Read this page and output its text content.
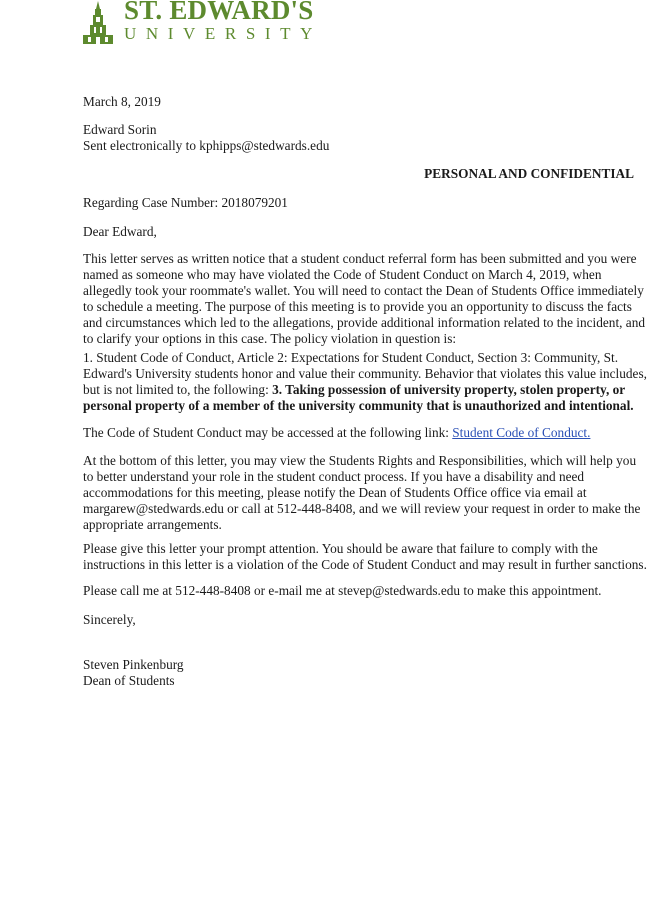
ST. EDWARD'S
UNIVERSITY
March 8, 2019
Edward Sorin
Sent electronically to kphipps@stedwards.edu
PERSONAL AND CONFIDENTIAL
Regarding Case Number: 2018079201
Dear Edward,
This letter serves as written notice that a student conduct referral form has been submitted and you were
named as someone who may have violated the Code of Student Conduct on March 4, 2019, when
allegedly took your roommate's wallet. You will need to contact the Dean of Students Office immediately
to schedule a meeting. The purpose of this meeting is to provide you an opportunity to discuss the facts
and circumstances which led to the allegations, provide additional information related to the incident, and
to clarify your options in this case. The policy violation in question is:
1. Student Code of Conduct, Article 2: Expectations for Student Conduct, Section 3: Community, St.
Edward's University students honor and value their community. Behavior that violates this value includes,
but is not limited to, the following: 3. Taking possession of university property, stolen property, or
personal property of a member of the university community that is unauthorized and intentional.
The Code of Student Conduct may be accessed at the following link: Student Code of Conduct.
At the bottom of this letter, you may view the Students Rights and Responsibilities, which will help you
to better understand your role in the student conduct process. If you have a disability and need
accommodations for this meeting, please notify the Dean of Students Office office via email at
margarew@stedwards.edu or call at 512-448-8408, and we will review your request in order to make the
appropriate arrangements.
Please give this letter your prompt attention. You should be aware that failure to comply with the
instructions in this letter is a violation of the Code of Student Conduct and may result in further sanctions.
Please call me at 512-448-8408 or e-mail me at stevep@stedwards.edu to make this appointment.
Sincerely,
Steven Pinkenburg
Dean of Students
